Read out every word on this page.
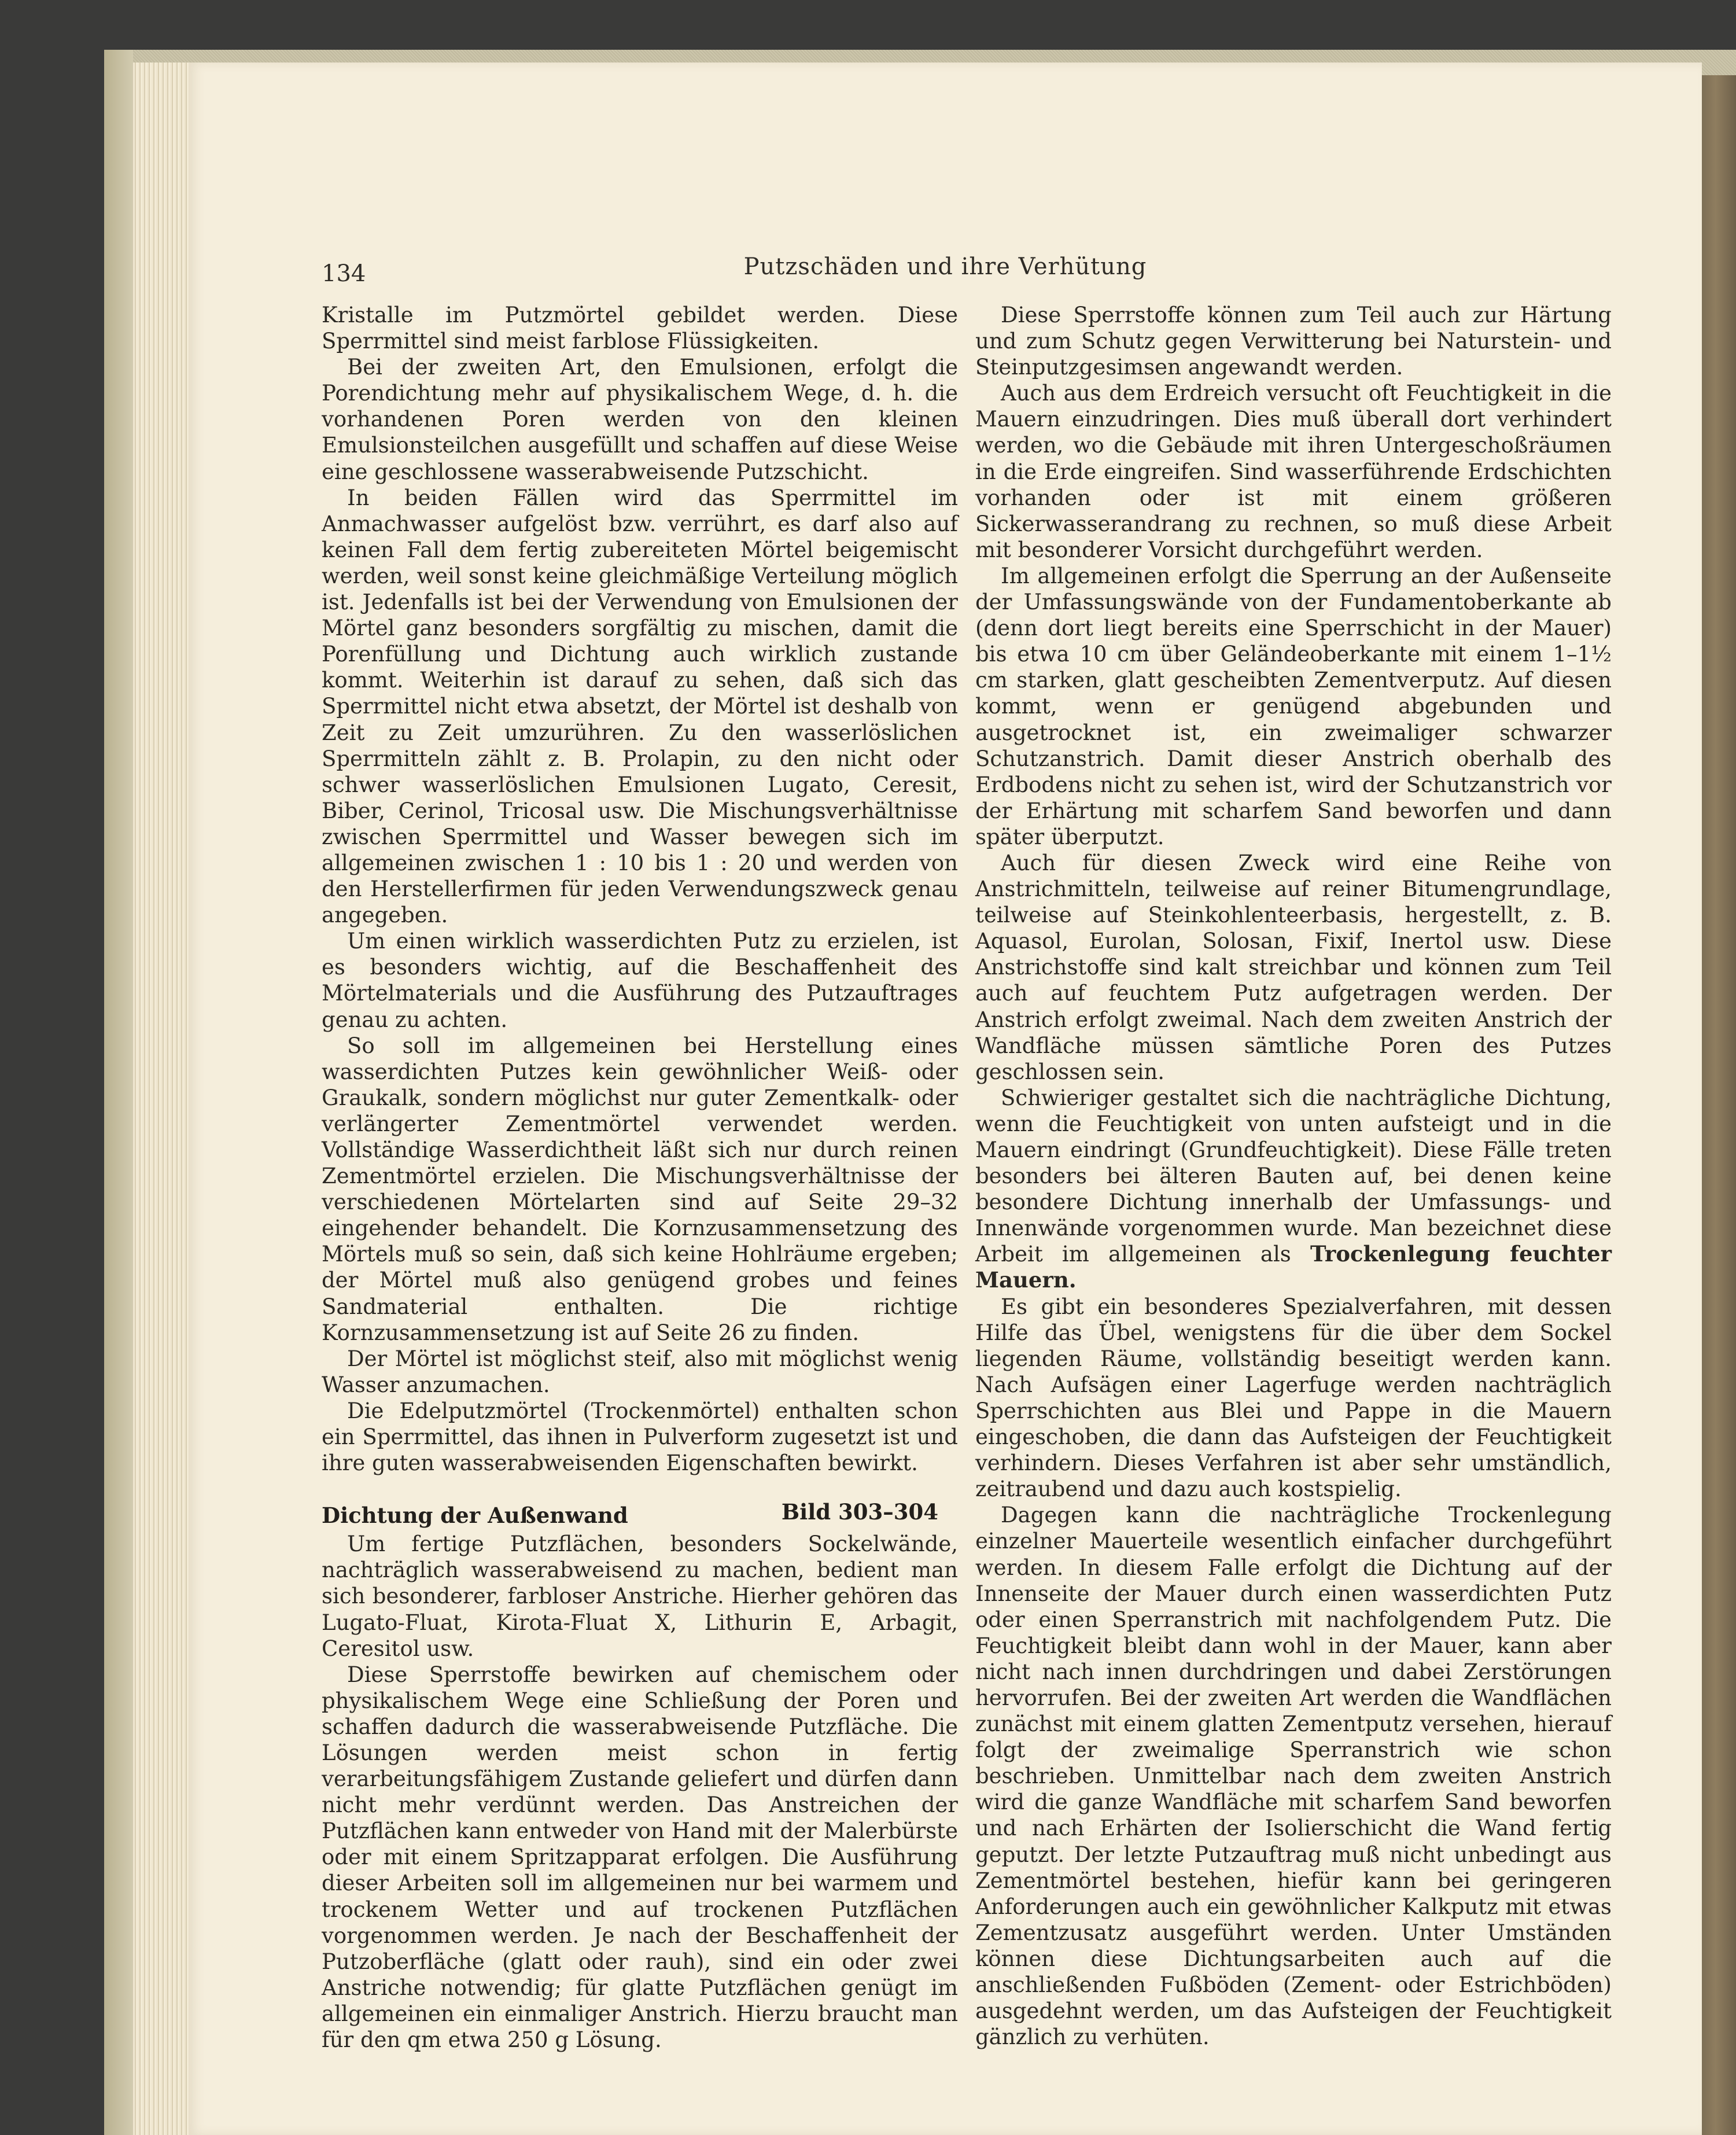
Putzschäden und ihre Verhütung
134

Kristalle im Putzmörtel gebildet werden. Diese Sperrmittel sind meist farblose Flüssigkeiten.

Bei der zweiten Art, den Emulsionen, erfolgt die Porendichtung mehr auf physikalischem Wege, d. h. die vorhandenen Poren werden von den kleinen Emulsionsteilchen ausgefüllt und schaffen auf diese Weise eine geschlossene wasserabweisende Putzschicht.

In beiden Fällen wird das Sperrmittel im Anmachwasser aufgelöst bzw. verrührt, es darf also auf keinen Fall dem fertig zubereiteten Mörtel beigemischt werden, weil sonst keine gleichmäßige Verteilung möglich ist. Jedenfalls ist bei der Verwendung von Emulsionen der Mörtel ganz besonders sorgfältig zu mischen, damit die Porenfüllung und Dichtung auch wirklich zustande kommt. Weiterhin ist darauf zu sehen, daß sich das Sperrmittel nicht etwa absetzt, der Mörtel ist deshalb von Zeit zu Zeit umzurühren. Zu den wasserlöslichen Sperrmitteln zählt z. B. Prolapin, zu den nicht oder schwer wasserlöslichen Emulsionen Lugato, Ceresit, Biber, Cerinol, Tricosal usw. Die Mischungsverhältnisse zwischen Sperrmittel und Wasser bewegen sich im allgemeinen zwischen 1 : 10 bis 1 : 20 und werden von den Herstellerfirmen für jeden Verwendungszweck genau angegeben.

Um einen wirklich wasserdichten Putz zu erzielen, ist es besonders wichtig, auf die Beschaffenheit des Mörtelmaterials und die Ausführung des Putzauftrages genau zu achten.

So soll im allgemeinen bei Herstellung eines wasserdichten Putzes kein gewöhnlicher Weiß- oder Graukalk, sondern möglichst nur guter Zementkalk- oder verlängerter Zementmörtel verwendet werden. Vollständige Wasserdichtheit läßt sich nur durch reinen Zementmörtel erzielen. Die Mischungsverhältnisse der verschiedenen Mörtelarten sind auf Seite 29–32 eingehender behandelt. Die Kornzusammensetzung des Mörtels muß so sein, daß sich keine Hohlräume ergeben; der Mörtel muß also genügend grobes und feines Sandmaterial enthalten. Die richtige Kornzusammensetzung ist auf Seite 26 zu finden.

Der Mörtel ist möglichst steif, also mit möglichst wenig Wasser anzumachen.

Die Edelputzmörtel (Trockenmörtel) enthalten schon ein Sperrmittel, das ihnen in Pulverform zugesetzt ist und ihre guten wasserabweisenden Eigenschaften bewirkt.

Dichtung der Außenwand	Bild 303–304

Um fertige Putzflächen, besonders Sockelwände, nachträglich wasserabweisend zu machen, bedient man sich besonderer, farbloser Anstriche. Hierher gehören das Lugato-Fluat, Kirota-Fluat X, Lithurin E, Arbagit, Ceresitol usw.

Diese Sperrstoffe bewirken auf chemischem oder physikalischem Wege eine Schließung der Poren und schaffen dadurch die wasserabweisende Putzfläche. Die Lösungen werden meist schon in fertig verarbeitungsfähigem Zustande geliefert und dürfen dann nicht mehr verdünnt werden. Das Anstreichen der Putzflächen kann entweder von Hand mit der Malerbürste oder mit einem Spritzapparat erfolgen. Die Ausführung dieser Arbeiten soll im allgemeinen nur bei warmem und trockenem Wetter und auf trockenen Putzflächen vorgenommen werden. Je nach der Beschaffenheit der Putzoberfläche (glatt oder rauh), sind ein oder zwei Anstriche notwendig; für glatte Putzflächen genügt im allgemeinen ein einmaliger Anstrich. Hierzu braucht man für den qm etwa 250 g Lösung.

Diese Sperrstoffe können zum Teil auch zur Härtung und zum Schutz gegen Verwitterung bei Naturstein- und Steinputzgesimsen angewandt werden.

Auch aus dem Erdreich versucht oft Feuchtigkeit in die Mauern einzudringen. Dies muß überall dort verhindert werden, wo die Gebäude mit ihren Untergeschoßräumen in die Erde eingreifen. Sind wasserführende Erdschichten vorhanden oder ist mit einem größeren Sickerwasserandrang zu rechnen, so muß diese Arbeit mit besonderer Vorsicht durchgeführt werden.

Im allgemeinen erfolgt die Sperrung an der Außenseite der Umfassungswände von der Fundamentoberkante ab (denn dort liegt bereits eine Sperrschicht in der Mauer) bis etwa 10 cm über Geländeoberkante mit einem 1–1½ cm starken, glatt gescheibten Zementverputz. Auf diesen kommt, wenn er genügend abgebunden und ausgetrocknet ist, ein zweimaliger schwarzer Schutzanstrich. Damit dieser Anstrich oberhalb des Erdbodens nicht zu sehen ist, wird der Schutzanstrich vor der Erhärtung mit scharfem Sand beworfen und dann später überputzt.

Auch für diesen Zweck wird eine Reihe von Anstrichmitteln, teilweise auf reiner Bitumengrundlage, teilweise auf Steinkohlenteerbasis, hergestellt, z. B. Aquasol, Eurolan, Solosan, Fixif, Inertol usw. Diese Anstrichstoffe sind kalt streichbar und können zum Teil auch auf feuchtem Putz aufgetragen werden. Der Anstrich erfolgt zweimal. Nach dem zweiten Anstrich der Wandfläche müssen sämtliche Poren des Putzes geschlossen sein.

Schwieriger gestaltet sich die nachträgliche Dichtung, wenn die Feuchtigkeit von unten aufsteigt und in die Mauern eindringt (Grundfeuchtigkeit). Diese Fälle treten besonders bei älteren Bauten auf, bei denen keine besondere Dichtung innerhalb der Umfassungs- und Innenwände vorgenommen wurde. Man bezeichnet diese Arbeit im allgemeinen als Trockenlegung feuchter Mauern.

Es gibt ein besonderes Spezialverfahren, mit dessen Hilfe das Übel, wenigstens für die über dem Sockel liegenden Räume, vollständig beseitigt werden kann. Nach Aufsägen einer Lagerfuge werden nachträglich Sperrschichten aus Blei und Pappe in die Mauern eingeschoben, die dann das Aufsteigen der Feuchtigkeit verhindern. Dieses Verfahren ist aber sehr umständlich, zeitraubend und dazu auch kostspielig.

Dagegen kann die nachträgliche Trockenlegung einzelner Mauerteile wesentlich einfacher durchgeführt werden. In diesem Falle erfolgt die Dichtung auf der Innenseite der Mauer durch einen wasserdichten Putz oder einen Sperranstrich mit nachfolgendem Putz. Die Feuchtigkeit bleibt dann wohl in der Mauer, kann aber nicht nach innen durchdringen und dabei Zerstörungen hervorrufen. Bei der zweiten Art werden die Wandflächen zunächst mit einem glatten Zementputz versehen, hierauf folgt der zweimalige Sperranstrich wie schon beschrieben. Unmittelbar nach dem zweiten Anstrich wird die ganze Wandfläche mit scharfem Sand beworfen und nach Erhärten der Isolierschicht die Wand fertig geputzt. Der letzte Putzauftrag muß nicht unbedingt aus Zementmörtel bestehen, hiefür kann bei geringeren Anforderungen auch ein gewöhnlicher Kalkputz mit etwas Zementzusatz ausgeführt werden. Unter Umständen können diese Dichtungsarbeiten auch auf die anschließenden Fußböden (Zement- oder Estrichböden) ausgedehnt werden, um das Aufsteigen der Feuchtigkeit gänzlich zu verhüten.
